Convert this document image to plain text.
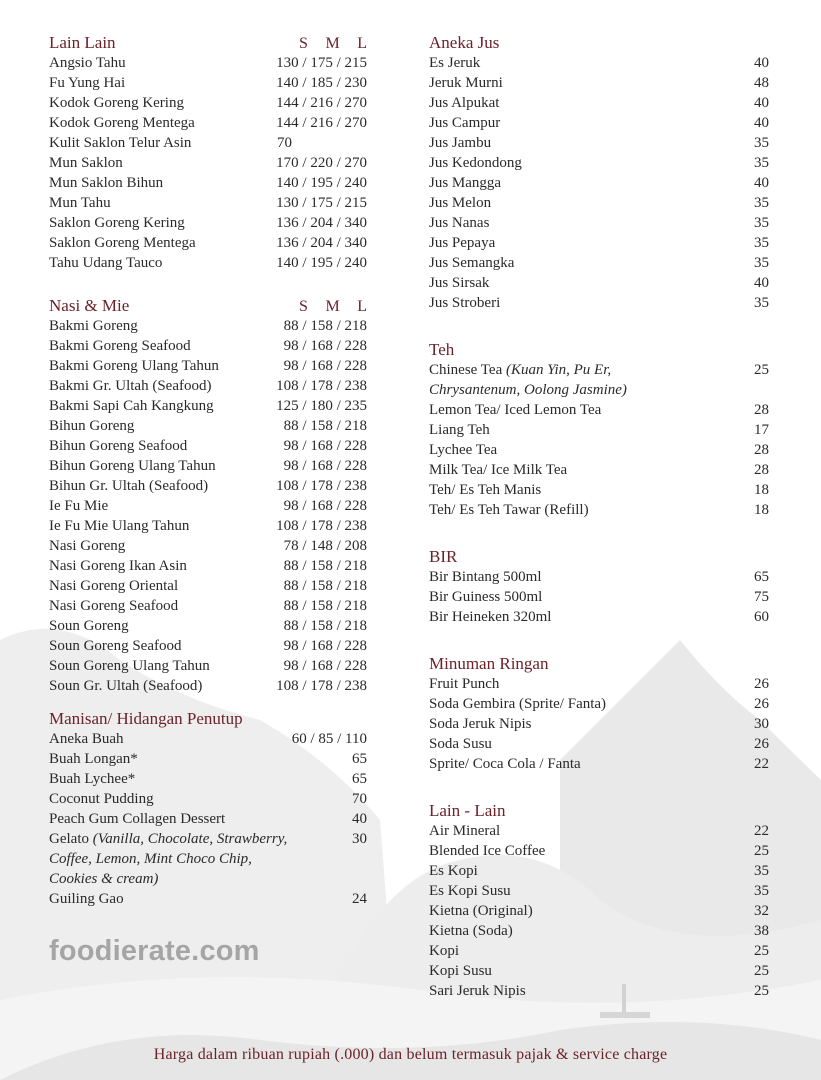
foodierate.com
Lain Lain	S M L
Angsio Tahu	130 / 175 / 215
Fu Yung Hai	140 / 185 / 230
Kodok Goreng Kering	144 / 216 / 270
Kodok Goreng Mentega	144 / 216 / 270
Kulit Saklon Telur Asin	70
Mun Saklon	170 / 220 / 270
Mun Saklon Bihun	140 / 195 / 240
Mun Tahu	130 / 175 / 215
Saklon Goreng Kering	136 / 204 / 340
Saklon Goreng Mentega	136 / 204 / 340
Tahu Udang Tauco	140 / 195 / 240
Nasi & Mie	S M L
Bakmi Goreng	88 / 158 / 218
Bakmi Goreng Seafood	98 / 168 / 228
Bakmi Goreng Ulang Tahun	98 / 168 / 228
Bakmi Gr. Ultah (Seafood)	108 / 178 / 238
Bakmi Sapi Cah Kangkung	125 / 180 / 235
Bihun Goreng	88 / 158 / 218
Bihun Goreng Seafood	98 / 168 / 228
Bihun Goreng Ulang Tahun	98 / 168 / 228
Bihun Gr. Ultah (Seafood)	108 / 178 / 238
Ie Fu Mie	98 / 168 / 228
Ie Fu Mie Ulang Tahun	108 / 178 / 238
Nasi Goreng	78 / 148 / 208
Nasi Goreng Ikan Asin	88 / 158 / 218
Nasi Goreng Oriental	88 / 158 / 218
Nasi Goreng Seafood	88 / 158 / 218
Soun Goreng	88 / 158 / 218
Soun Goreng Seafood	98 / 168 / 228
Soun Goreng Ulang Tahun	98 / 168 / 228
Soun Gr. Ultah (Seafood)	108 / 178 / 238
Manisan/ Hidangan Penutup
Aneka Buah	60 / 85 / 110
Buah Longan*	65
Buah Lychee*	65
Coconut Pudding	70
Peach Gum Collagen Dessert	40
Gelato (Vanilla, Chocolate, Strawberry,	30
Coffee, Lemon, Mint Choco Chip,
Cookies & cream)
Guiling Gao	24
Aneka Jus
Es Jeruk	40
Jeruk Murni	48
Jus Alpukat	40
Jus Campur	40
Jus Jambu	35
Jus Kedondong	35
Jus Mangga	40
Jus Melon	35
Jus Nanas	35
Jus Pepaya	35
Jus Semangka	35
Jus Sirsak	40
Jus Stroberi	35
Teh
Chinese Tea (Kuan Yin, Pu Er,	25
Chrysantenum, Oolong Jasmine)
Lemon Tea/ Iced Lemon Tea	28
Liang Teh	17
Lychee Tea	28
Milk Tea/ Ice Milk Tea	28
Teh/ Es Teh Manis	18
Teh/ Es Teh Tawar (Refill)	18
BIR
Bir Bintang 500ml	65
Bir Guiness 500ml	75
Bir Heineken 320ml	60
Minuman Ringan
Fruit Punch	26
Soda Gembira (Sprite/ Fanta)	26
Soda Jeruk Nipis	30
Soda Susu	26
Sprite/ Coca Cola / Fanta	22
Lain - Lain
Air Mineral	22
Blended Ice Coffee	25
Es Kopi	35
Es Kopi Susu	35
Kietna (Original)	32
Kietna (Soda)	38
Kopi	25
Kopi Susu	25
Sari Jeruk Nipis	25
Harga dalam ribuan rupiah (.000) dan belum termasuk pajak & service charge
